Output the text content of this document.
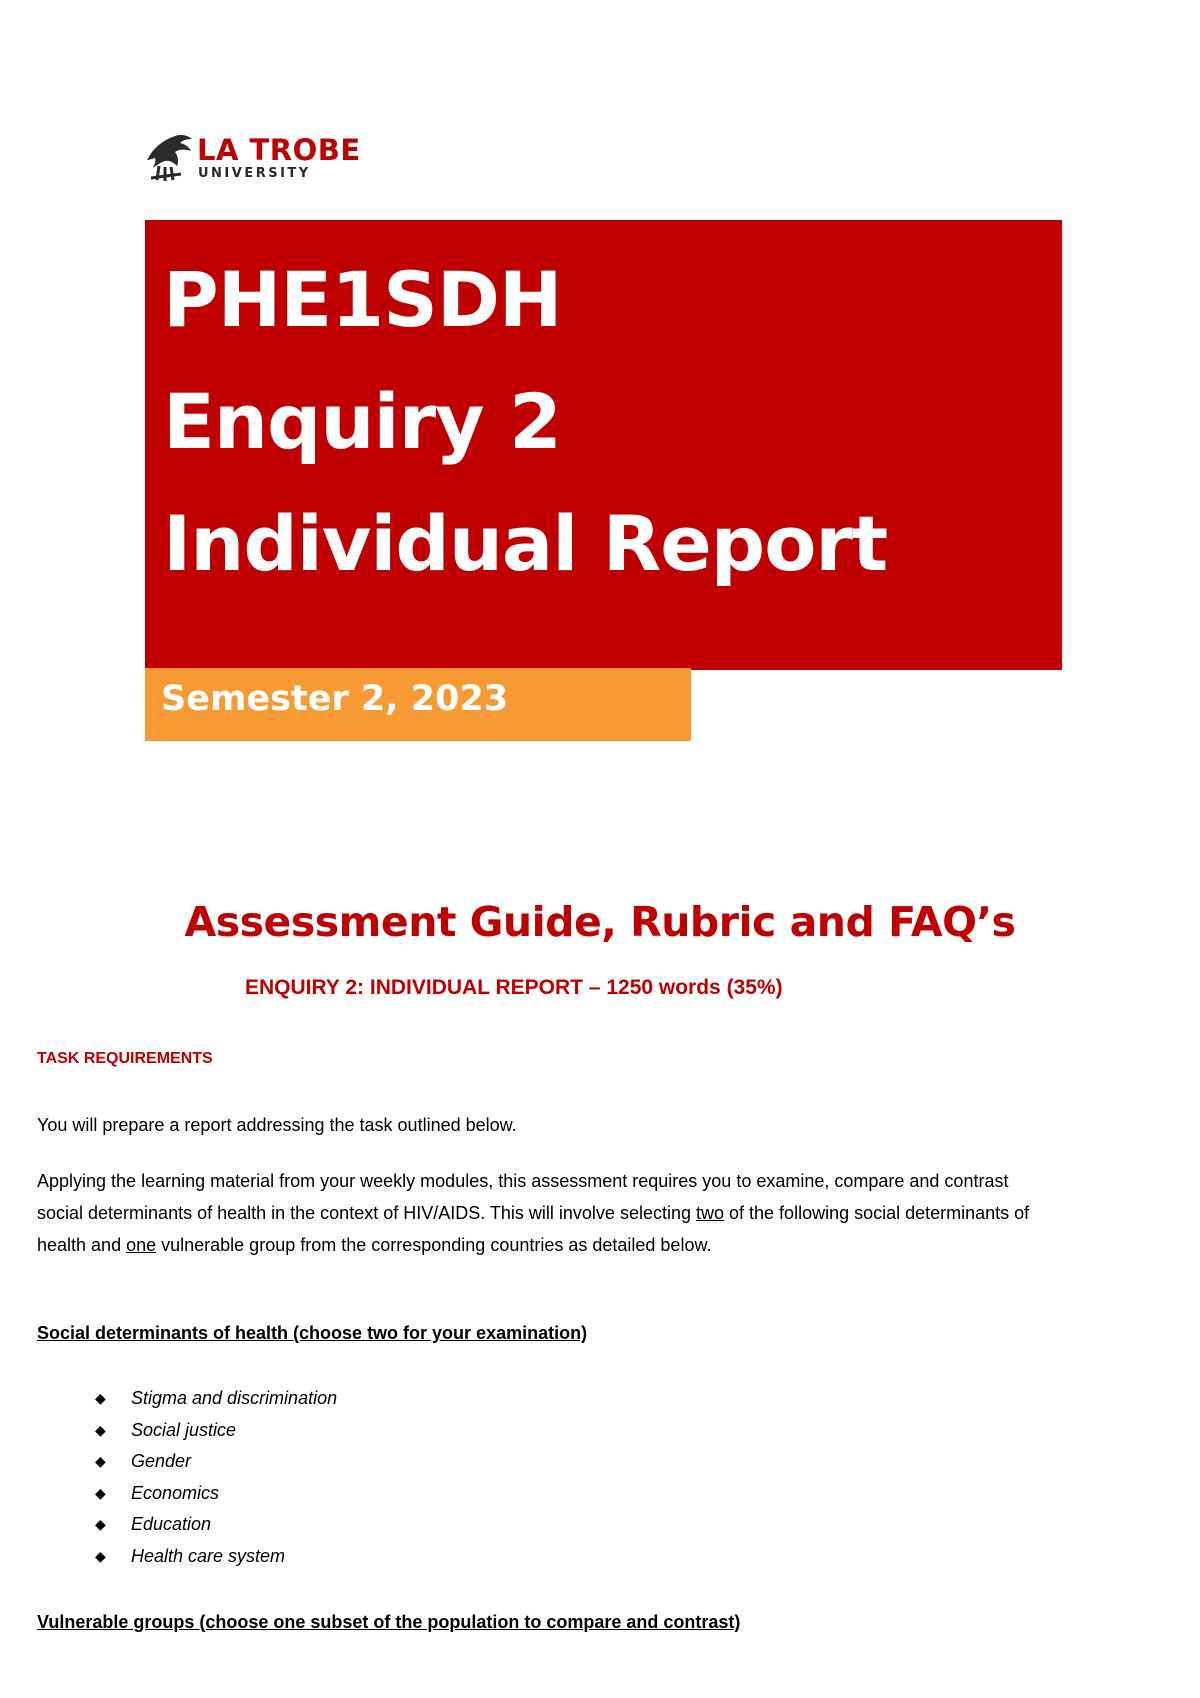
LA TROBE
UNIVERSITY
PHE1SDH
Enquiry 2
Individual Report
Semester 2, 2023
Assessment Guide, Rubric and FAQ’s
ENQUIRY 2: INDIVIDUAL REPORT – 1250 words (35%)
TASK REQUIREMENTS
You will prepare a report addressing the task outlined below.
Applying the learning material from your weekly modules, this assessment requires you to examine, compare and contrast social determinants of health in the context of HIV/AIDS. This will involve selecting two of the following social determinants of health and one vulnerable group from the corresponding countries as detailed below.
Social determinants of health (choose two for your examination)
◆ Stigma and discrimination
◆ Social justice
◆ Gender
◆ Economics
◆ Education
◆ Health care system
Vulnerable groups (choose one subset of the population to compare and contrast)
